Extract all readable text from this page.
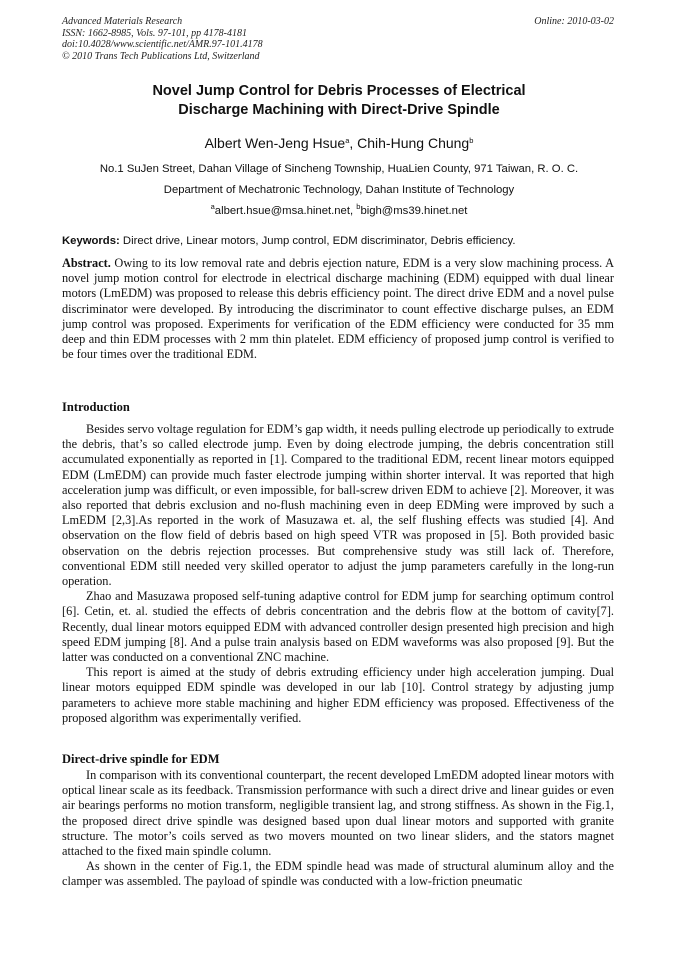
Advanced Materials Research
ISSN: 1662-8985, Vols. 97-101, pp 4178-4181
doi:10.4028/www.scientific.net/AMR.97-101.4178
© 2010 Trans Tech Publications Ltd, Switzerland
Online: 2010-03-02
Novel Jump Control for Debris Processes of Electrical
Discharge Machining with Direct-Drive Spindle
Albert Wen-Jeng Hsue$^a$, Chih-Hung Chung$^b$
No.1 SuJen Street, Dahan Village of Sincheng Township, HuaLien County, 971 Taiwan, R. O. C.
Department of Mechatronic Technology, Dahan Institute of Technology
$^a$albert.hsue@msa.hinet.net, $^b$bigh@ms39.hinet.net
Keywords: Direct drive, Linear motors, Jump control, EDM discriminator, Debris efficiency.

Abstract. Owing to its low removal rate and debris ejection nature, EDM is a very slow machining process. A novel jump motion control for electrode in electrical discharge machining (EDM) equipped with dual linear motors (LmEDM) was proposed to release this debris efficiency point. The direct drive EDM and a novel pulse discriminator were developed. By introducing the discriminator to count effective discharge pulses, an EDM jump control was proposed. Experiments for verification of the EDM efficiency were conducted for 35 mm deep and thin EDM processes with 2 mm thin platelet. EDM efficiency of proposed jump control is verified to be four times over the traditional EDM.

Introduction

Besides servo voltage regulation for EDM’s gap width, it needs pulling electrode up periodically to extrude the debris, that’s so called electrode jump. Even by doing electrode jumping, the debris concentration still accumulated exponentially as reported in [1]. Compared to the traditional EDM, recent linear motors equipped EDM (LmEDM) can provide much faster electrode jumping within shorter interval. It was reported that high acceleration jump was difficult, or even impossible, for ball-screw driven EDM to achieve [2]. Moreover, it was also reported that debris exclusion and no-flush machining even in deep EDMing were improved by such a LmEDM [2,3].As reported in the work of Masuzawa et. al, the self flushing effects was studied [4]. And observation on the flow field of debris based on high speed VTR was proposed in [5]. Both provided basic observation on the debris rejection processes. But comprehensive study was still lack of. Therefore, conventional EDM still needed very skilled operator to adjust the jump parameters carefully in the long-run operation.

Zhao and Masuzawa proposed self-tuning adaptive control for EDM jump for searching optimum control [6]. Cetin, et. al. studied the effects of debris concentration and the debris flow at the bottom of cavity[7]. Recently, dual linear motors equipped EDM with advanced controller design presented high precision and high speed EDM jumping [8]. And a pulse train analysis based on EDM waveforms was also proposed [9]. But the latter was conducted on a conventional ZNC machine.

This report is aimed at the study of debris extruding efficiency under high acceleration jumping. Dual linear motors equipped EDM spindle was developed in our lab [10]. Control strategy by adjusting jump parameters to achieve more stable machining and higher EDM efficiency was proposed. Effectiveness of the proposed algorithm was experimentally verified.

Direct-drive spindle for EDM

In comparison with its conventional counterpart, the recent developed LmEDM adopted linear motors with optical linear scale as its feedback. Transmission performance with such a direct drive and linear guides or even air bearings performs no motion transform, negligible transient lag, and strong stiffness. As shown in the Fig.1, the proposed direct drive spindle was designed based upon dual linear motors and supported with granite structure. The motor’s coils served as two movers mounted on two linear sliders, and the stators magnet attached to the fixed main spindle column.

As shown in the center of Fig.1, the EDM spindle head was made of structural aluminum alloy and the clamper was assembled. The payload of spindle was conducted with a low-friction pneumatic
